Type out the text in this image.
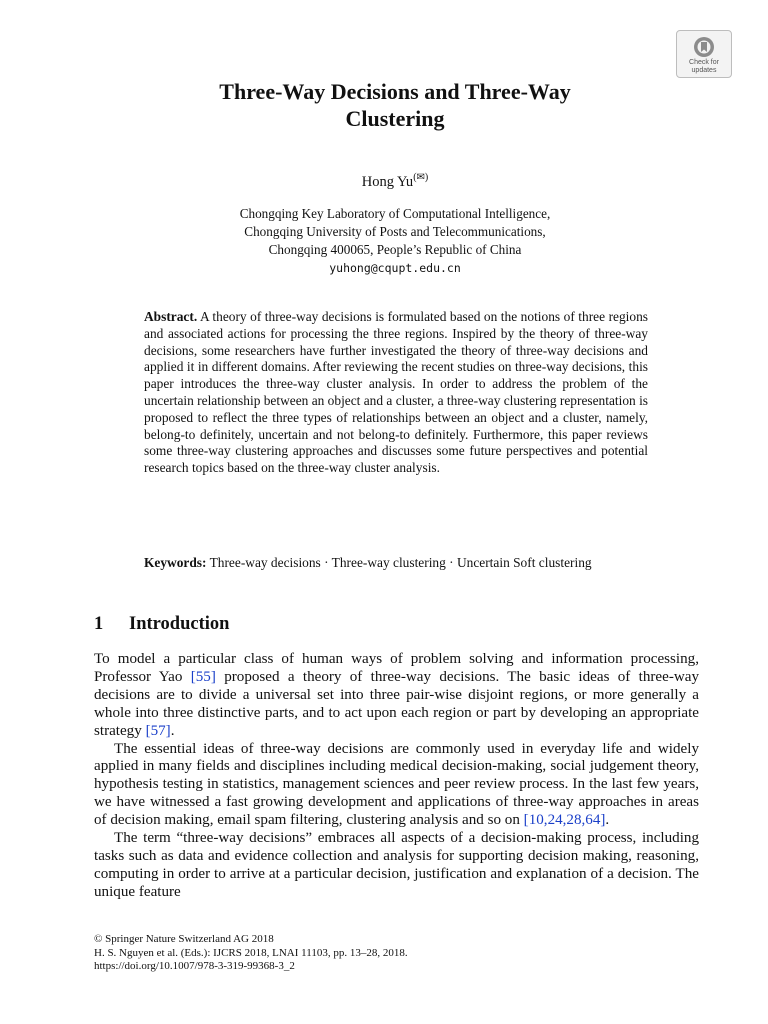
Check for
updates
Three-Way Decisions and Three-Way
Clustering
Hong Yu(✉)
Chongqing Key Laboratory of Computational Intelligence,
Chongqing University of Posts and Telecommunications,
Chongqing 400065, People’s Republic of China
yuhong@cqupt.edu.cn

Abstract. A theory of three-way decisions is formulated based on the notions of three regions and associated actions for processing the three regions. Inspired by the theory of three-way decisions, some researchers have further investigated the theory of three-way decisions and applied it in different domains. After reviewing the recent studies on three-way decisions, this paper introduces the three-way cluster analysis. In order to address the problem of the uncertain relationship between an object and a cluster, a three-way clustering representation is proposed to reflect the three types of relationships between an object and a cluster, namely, belong-to definitely, uncertain and not belong-to definitely. Furthermore, this paper reviews some three-way clustering approaches and discusses some future perspectives and potential research topics based on the three-way cluster analysis.

Keywords: Three-way decisions · Three-way clustering · Uncertain Soft clustering

1 Introduction

To model a particular class of human ways of problem solving and information processing, Professor Yao [55] proposed a theory of three-way decisions. The basic ideas of three-way decisions are to divide a universal set into three pair-wise disjoint regions, or more generally a whole into three distinctive parts, and to act upon each region or part by developing an appropriate strategy [57].

The essential ideas of three-way decisions are commonly used in everyday life and widely applied in many fields and disciplines including medical decision-making, social judgement theory, hypothesis testing in statistics, management sciences and peer review process. In the last few years, we have witnessed a fast growing development and applications of three-way approaches in areas of decision making, email spam filtering, clustering analysis and so on [10,24,28,64].

The term “three-way decisions” embraces all aspects of a decision-making process, including tasks such as data and evidence collection and analysis for supporting decision making, reasoning, computing in order to arrive at a particular decision, justification and explanation of a decision. The unique feature

© Springer Nature Switzerland AG 2018
H. S. Nguyen et al. (Eds.): IJCRS 2018, LNAI 11103, pp. 13–28, 2018.
https://doi.org/10.1007/978-3-319-99368-3_2
